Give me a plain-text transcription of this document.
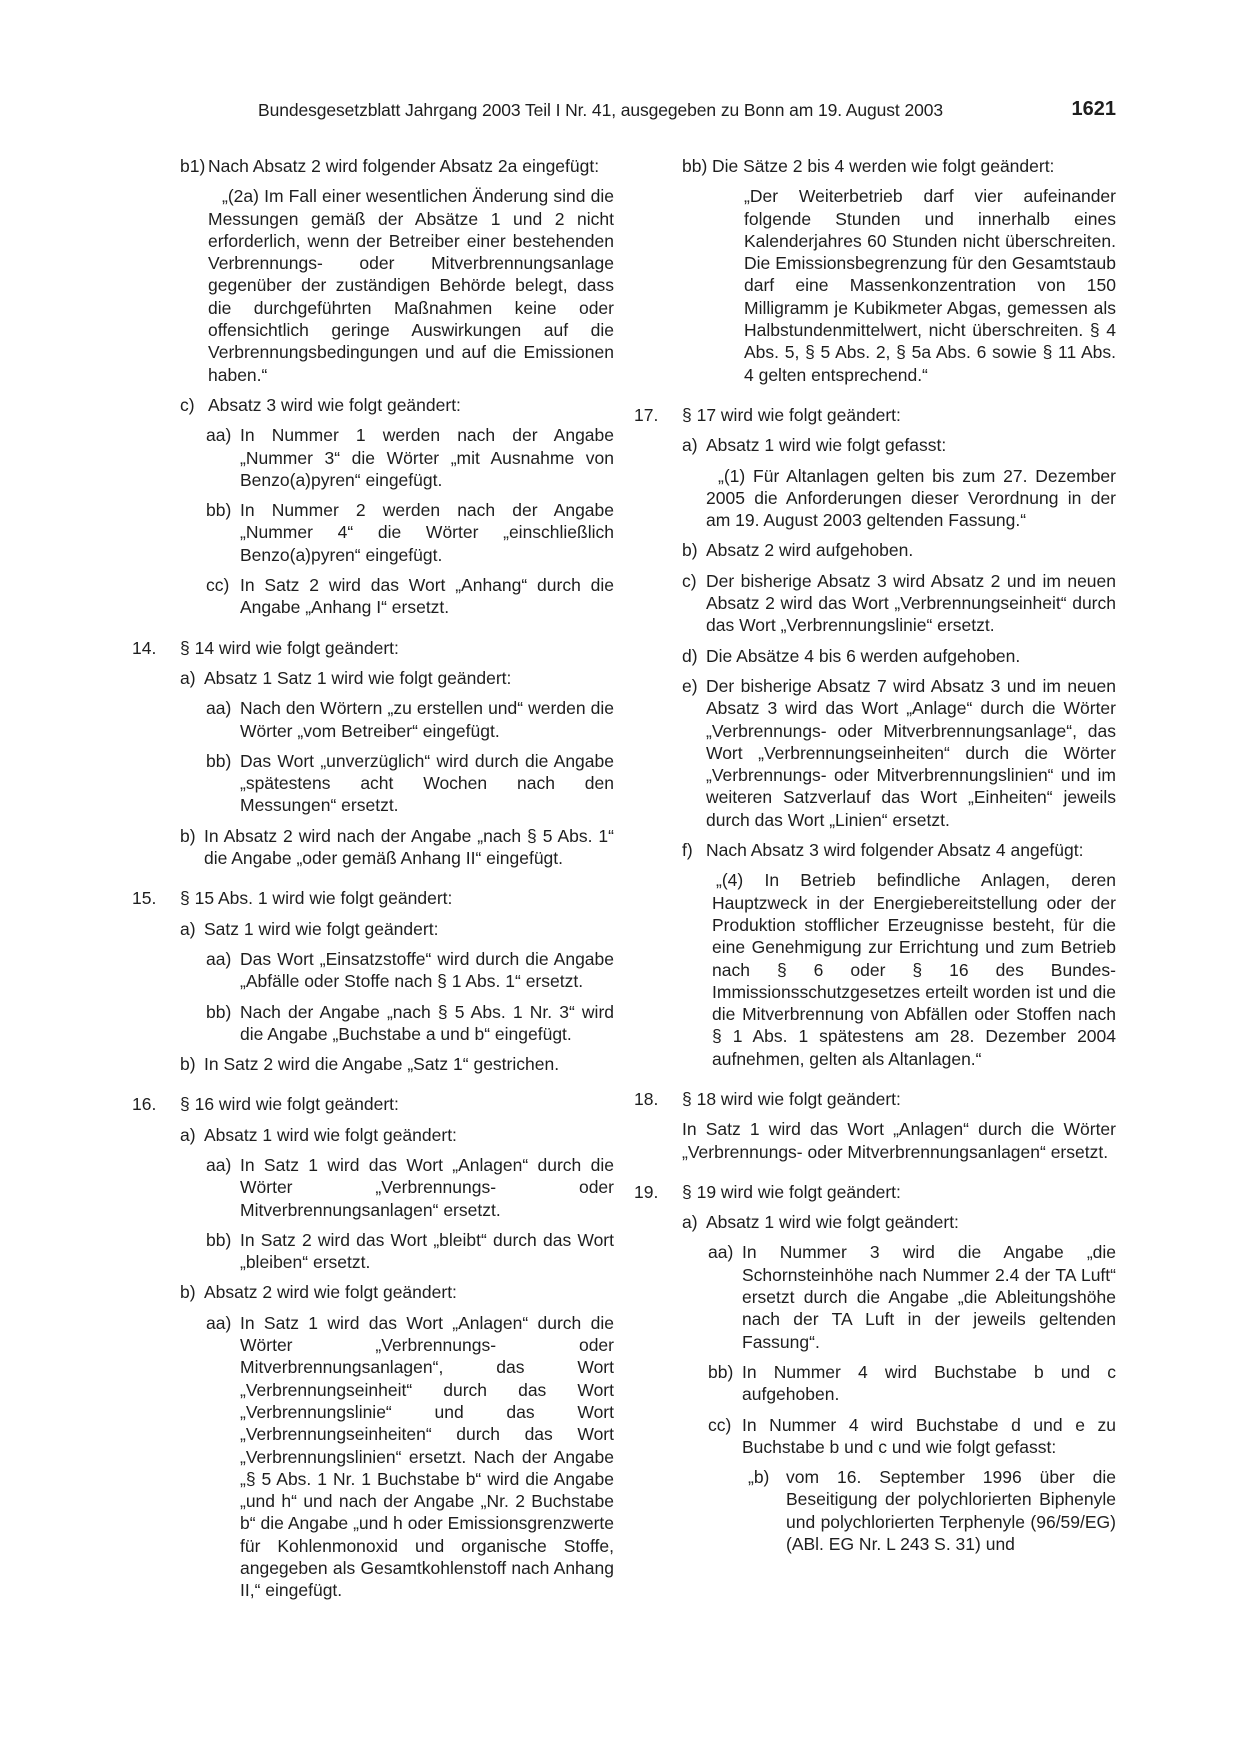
Bundesgesetzblatt Jahrgang 2003 Teil I Nr. 41, ausgegeben zu Bonn am 19. August 2003	1621
b1) Nach Absatz 2 wird folgender Absatz 2a eingefügt:

„(2a) Im Fall einer wesentlichen Änderung sind die Messungen gemäß der Absätze 1 und 2 nicht erforderlich, wenn der Betreiber einer bestehenden Verbrennungs- oder Mitverbrennungsanlage gegenüber der zuständigen Behörde belegt, dass die durchgeführten Maßnahmen keine oder offensichtlich geringe Auswirkungen auf die Verbrennungsbedingungen und auf die Emissionen haben.“

c) Absatz 3 wird wie folgt geändert:

aa) In Nummer 1 werden nach der Angabe „Nummer 3“ die Wörter „mit Ausnahme von Benzo(a)pyren“ eingefügt.

bb) In Nummer 2 werden nach der Angabe „Nummer 4“ die Wörter „einschließlich Benzo(a)pyren“ eingefügt.

cc) In Satz 2 wird das Wort „Anhang“ durch die Angabe „Anhang I“ ersetzt.

14. § 14 wird wie folgt geändert:

a) Absatz 1 Satz 1 wird wie folgt geändert:

aa) Nach den Wörtern „zu erstellen und“ werden die Wörter „vom Betreiber“ eingefügt.

bb) Das Wort „unverzüglich“ wird durch die Angabe „spätestens acht Wochen nach den Messungen“ ersetzt.

b) In Absatz 2 wird nach der Angabe „nach § 5 Abs. 1“ die Angabe „oder gemäß Anhang II“ eingefügt.

15. § 15 Abs. 1 wird wie folgt geändert:

a) Satz 1 wird wie folgt geändert:

aa) Das Wort „Einsatzstoffe“ wird durch die Angabe „Abfälle oder Stoffe nach § 1 Abs. 1“ ersetzt.

bb) Nach der Angabe „nach § 5 Abs. 1 Nr. 3“ wird die Angabe „Buchstabe a und b“ eingefügt.

b) In Satz 2 wird die Angabe „Satz 1“ gestrichen.

16. § 16 wird wie folgt geändert:

a) Absatz 1 wird wie folgt geändert:

aa) In Satz 1 wird das Wort „Anlagen“ durch die Wörter „Verbrennungs- oder Mitverbrennungsanlagen“ ersetzt.

bb) In Satz 2 wird das Wort „bleibt“ durch das Wort „bleiben“ ersetzt.

b) Absatz 2 wird wie folgt geändert:

aa) In Satz 1 wird das Wort „Anlagen“ durch die Wörter „Verbrennungs- oder Mitverbrennungsanlagen“, das Wort „Verbrennungseinheit“ durch das Wort „Verbrennungslinie“ und das Wort „Verbrennungseinheiten“ durch das Wort „Verbrennungslinien“ ersetzt. Nach der Angabe „§ 5 Abs. 1 Nr. 1 Buchstabe b“ wird die Angabe „und h“ und nach der Angabe „Nr. 2 Buchstabe b“ die Angabe „und h oder Emissionsgrenzwerte für Kohlenmonoxid und organische Stoffe, angegeben als Gesamtkohlenstoff nach Anhang II,“ eingefügt.

bb) Die Sätze 2 bis 4 werden wie folgt geändert:

„Der Weiterbetrieb darf vier aufeinander folgende Stunden und innerhalb eines Kalenderjahres 60 Stunden nicht überschreiten. Die Emissionsbegrenzung für den Gesamtstaub darf eine Massenkonzentration von 150 Milligramm je Kubikmeter Abgas, gemessen als Halbstundenmittelwert, nicht überschreiten. § 4 Abs. 5, § 5 Abs. 2, § 5a Abs. 6 sowie § 11 Abs. 4 gelten entsprechend.“

17. § 17 wird wie folgt geändert:

a) Absatz 1 wird wie folgt gefasst:

„(1) Für Altanlagen gelten bis zum 27. Dezember 2005 die Anforderungen dieser Verordnung in der am 19. August 2003 geltenden Fassung.“

b) Absatz 2 wird aufgehoben.

c) Der bisherige Absatz 3 wird Absatz 2 und im neuen Absatz 2 wird das Wort „Verbrennungseinheit“ durch das Wort „Verbrennungslinie“ ersetzt.

d) Die Absätze 4 bis 6 werden aufgehoben.

e) Der bisherige Absatz 7 wird Absatz 3 und im neuen Absatz 3 wird das Wort „Anlage“ durch die Wörter „Verbrennungs- oder Mitverbrennungsanlage“, das Wort „Verbrennungseinheiten“ durch die Wörter „Verbrennungs- oder Mitverbrennungslinien“ und im weiteren Satzverlauf das Wort „Einheiten“ jeweils durch das Wort „Linien“ ersetzt.

f) Nach Absatz 3 wird folgender Absatz 4 angefügt:

„(4) In Betrieb befindliche Anlagen, deren Hauptzweck in der Energiebereitstellung oder der Produktion stofflicher Erzeugnisse besteht, für die eine Genehmigung zur Errichtung und zum Betrieb nach § 6 oder § 16 des Bundes-Immissionsschutzgesetzes erteilt worden ist und die die Mitverbrennung von Abfällen oder Stoffen nach § 1 Abs. 1 spätestens am 28. Dezember 2004 aufnehmen, gelten als Altanlagen.“

18. § 18 wird wie folgt geändert:

In Satz 1 wird das Wort „Anlagen“ durch die Wörter „Verbrennungs- oder Mitverbrennungsanlagen“ ersetzt.

19. § 19 wird wie folgt geändert:

a) Absatz 1 wird wie folgt geändert:

aa) In Nummer 3 wird die Angabe „die Schornsteinhöhe nach Nummer 2.4 der TA Luft“ ersetzt durch die Angabe „die Ableitungshöhe nach der TA Luft in der jeweils geltenden Fassung“.

bb) In Nummer 4 wird Buchstabe b und c aufgehoben.

cc) In Nummer 4 wird Buchstabe d und e zu Buchstabe b und c und wie folgt gefasst:

„b) vom 16. September 1996 über die Beseitigung der polychlorierten Biphenyle und polychlorierten Terphenyle (96/59/EG) (ABl. EG Nr. L 243 S. 31) und
